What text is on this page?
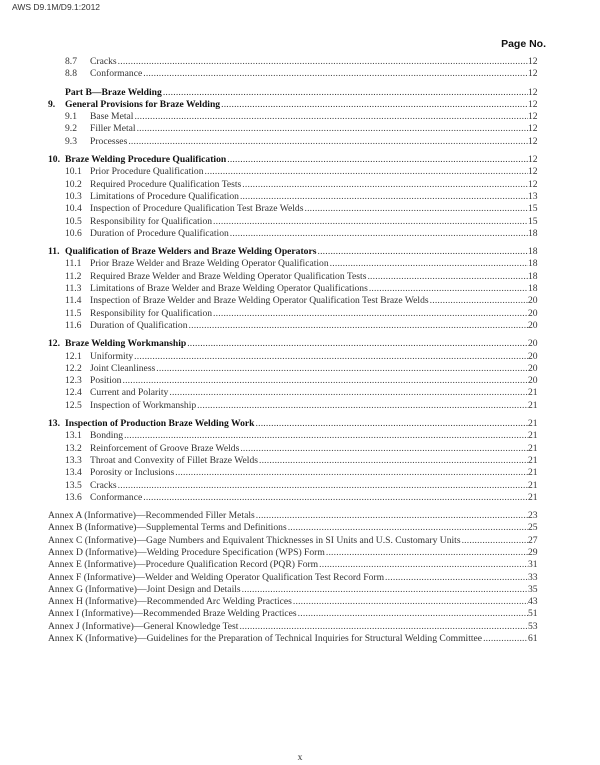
AWS D9.1M/D9.1:2012
Page No.
8.7 Cracks .....	12
8.8 Conformance .....	12
Part B—Braze Welding .....	12
9. General Provisions for Braze Welding .....	12
9.1 Base Metal .....	12
9.2 Filler Metal .....	12
9.3 Processes .....	12
10. Braze Welding Procedure Qualification .....	12
10.1 Prior Procedure Qualification .....	12
10.2 Required Procedure Qualification Tests .....	12
10.3 Limitations of Procedure Qualification .....	13
10.4 Inspection of Procedure Qualification Test Braze Welds .....	15
10.5 Responsibility for Qualification .....	15
10.6 Duration of Procedure Qualification .....	18
11. Qualification of Braze Welders and Braze Welding Operators .....	18
11.1 Prior Braze Welder and Braze Welding Operator Qualification .....	18
11.2 Required Braze Welder and Braze Welding Operator Qualification Tests .....	18
11.3 Limitations of Braze Welder and Braze Welding Operator Qualifications .....	18
11.4 Inspection of Braze Welder and Braze Welding Operator Qualification Test Braze Welds .....	20
11.5 Responsibility for Qualification .....	20
11.6 Duration of Qualification .....	20
12. Braze Welding Workmanship .....	20
12.1 Uniformity .....	20
12.2 Joint Cleanliness .....	20
12.3 Position .....	20
12.4 Current and Polarity .....	21
12.5 Inspection of Workmanship .....	21
13. Inspection of Production Braze Welding Work .....	21
13.1 Bonding .....	21
13.2 Reinforcement of Groove Braze Welds .....	21
13.3 Throat and Convexity of Fillet Braze Welds .....	21
13.4 Porosity or Inclusions .....	21
13.5 Cracks .....	21
13.6 Conformance .....	21
Annex A (Informative)—Recommended Filler Metals .....	23
Annex B (Informative)—Supplemental Terms and Definitions .....	25
Annex C (Informative)—Gage Numbers and Equivalent Thicknesses in SI Units and U.S. Customary Units .....	27
Annex D (Informative)—Welding Procedure Specification (WPS) Form .....	29
Annex E (Informative)—Procedure Qualification Record (PQR) Form .....	31
Annex F (Informative)—Welder and Welding Operator Qualification Test Record Form .....	33
Annex G (Informative)—Joint Design and Details .....	35
Annex H (Informative)—Recommended Arc Welding Practices .....	43
Annex I (Informative)—Recommended Braze Welding Practices .....	51
Annex J (Informative)—General Knowledge Test .....	53
Annex K (Informative)—Guidelines for the Preparation of Technical Inquiries for Structural Welding Committee .....	61
x
